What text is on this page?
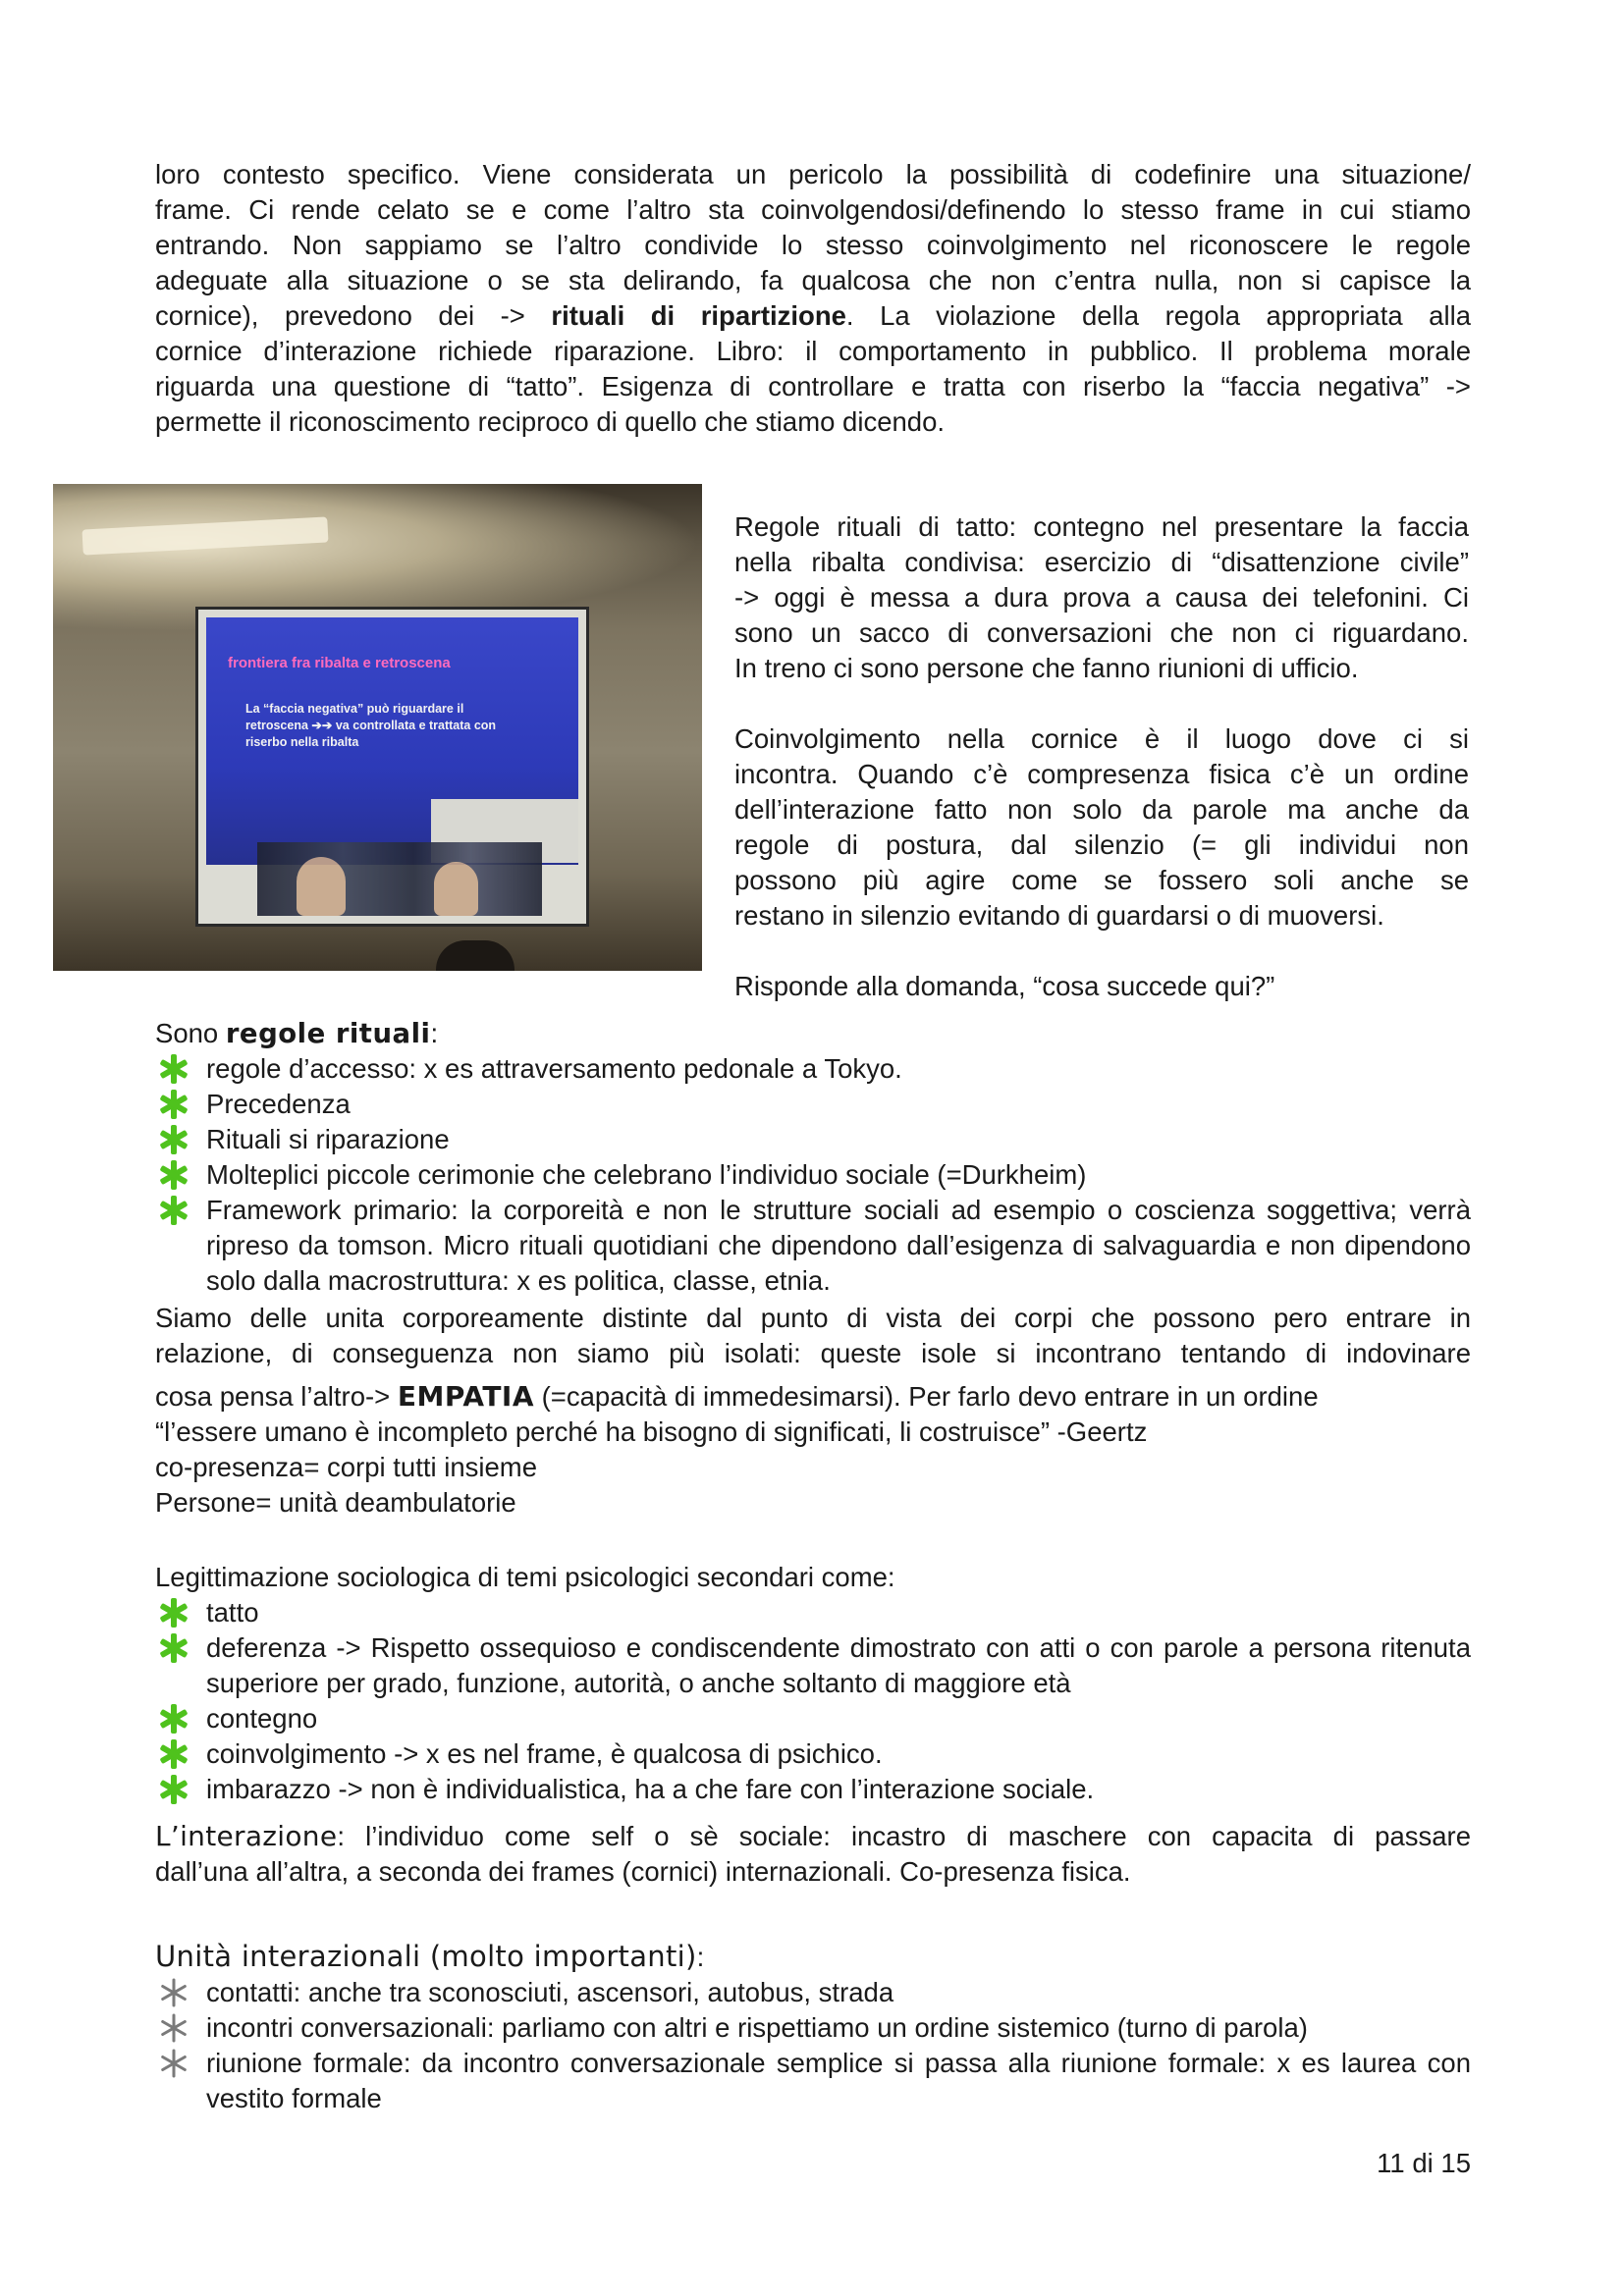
loro contesto specifico. Viene considerata un pericolo la possibilità di codefinire una situazione/

frame. Ci rende celato se e come l’altro sta coinvolgendosi/definendo lo stesso frame in cui stiamo

entrando. Non sappiamo se l’altro condivide lo stesso coinvolgimento nel riconoscere le regole

adeguate alla situazione o se sta delirando, fa qualcosa che non c’entra nulla, non si capisce la

cornice), prevedono dei -> rituali di ripartizione. La violazione della regola appropriata alla

cornice d’interazione richiede riparazione. Libro: il comportamento in pubblico. Il problema morale

riguarda una questione di “tatto”. Esigenza di controllare e tratta con riserbo la “faccia negativa” ->

permette il riconoscimento reciproco di quello che stiamo dicendo.

frontiera fra ribalta e retroscena
La “faccia negativa” può riguardare il retroscena ➔➔ va controllata e trattata con riserbo nella ribalta

Regole rituali di tatto: contegno nel presentare la faccia

nella ribalta condivisa: esercizio di “disattenzione civile”

-> oggi è messa a dura prova a causa dei telefonini. Ci

sono un sacco di conversazioni che non ci riguardano.

In treno ci sono persone che fanno riunioni di ufficio.

Coinvolgimento nella cornice è il luogo dove ci si

incontra. Quando c’è compresenza fisica c’è un ordine

dell’interazione fatto non solo da parole ma anche da

regole di postura, dal silenzio (= gli individui non

possono più agire come se fossero soli anche se

restano in silenzio evitando di guardarsi o di muoversi.

Risponde alla domanda, “cosa succede qui?”

Sono regole rituali:

regole d’accesso: x es attraversamento pedonale a Tokyo.
Precedenza
Rituali si riparazione
Molteplici piccole cerimonie che celebrano l’individuo sociale (=Durkheim)
Framework primario: la corporeità e non le strutture sociali ad esempio o coscienza soggettiva; verrà ripreso da tomson. Micro rituali quotidiani che dipendono dall’esigenza di salvaguardia e non dipendono solo dalla macrostruttura: x es politica, classe, etnia.

Siamo delle unita corporeamente distinte dal punto di vista dei corpi che possono pero entrare in

relazione, di conseguenza non siamo più isolati: queste isole si incontrano tentando di indovinare

cosa pensa l’altro-> EMPATIA (=capacità di immedesimarsi). Per farlo devo entrare in un ordine

“l’essere umano è incompleto perché ha bisogno di significati, li costruisce” -Geertz

co-presenza= corpi tutti insieme

Persone= unità deambulatorie

Legittimazione sociologica di temi psicologici secondari come:

tatto
deferenza -> Rispetto ossequioso e condiscendente dimostrato con atti o con parole a persona ritenuta superiore per grado, funzione, autorità, o anche soltanto di maggiore età
contegno
coinvolgimento -> x es nel frame, è qualcosa di psichico.
imbarazzo -> non è individualistica, ha a che fare con l’interazione sociale.

L’interazione: l’individuo come self o sè sociale: incastro di maschere con capacita di passare

dall’una all’altra, a seconda dei frames (cornici) internazionali. Co-presenza fisica.

Unità interazionali (molto importanti):

contatti: anche tra sconosciuti, ascensori, autobus, strada
incontri conversazionali: parliamo con altri e rispettiamo un ordine sistemico (turno di parola)
riunione formale: da incontro conversazionale semplice si passa alla riunione formale: x es laurea con vestito formale
11 di 15
